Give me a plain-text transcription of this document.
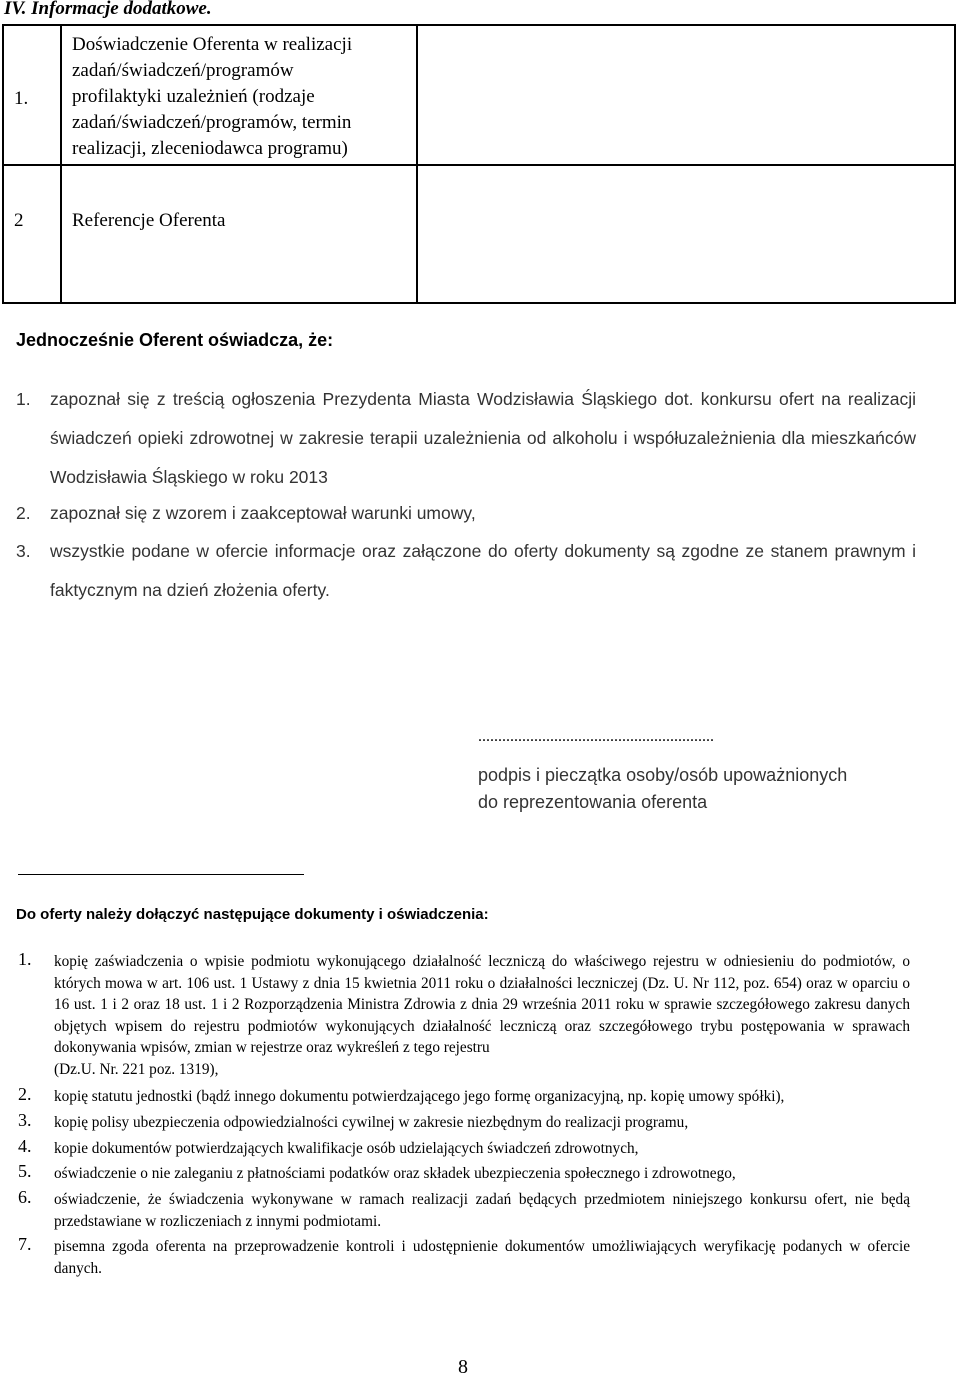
IV. Informacje dodatkowe.
1.	Doświadczenie Oferenta w realizacji
zadań/świadczeń/programów
profilaktyki uzależnień (rodzaje
zadań/świadczeń/programów, termin
realizacji, zleceniodawca programu)	

2	Referencje Oferenta	

Jednocześnie Oferent oświadcza, że:
1. zapoznał się z treścią ogłoszenia Prezydenta Miasta Wodzisławia Śląskiego dot. konkursu ofert na realizacji świadczeń opieki zdrowotnej w zakresie terapii uzależnienia od alkoholu i współuzależnienia dla mieszkańców Wodzisławia Śląskiego w roku 2013
2. zapoznał się z wzorem i zaakceptował warunki umowy,
3. wszystkie podane w ofercie informacje oraz załączone do oferty dokumenty są zgodne ze stanem prawnym i faktycznym na dzień złożenia oferty.
...........................................................
podpis i pieczątka osoby/osób upoważnionych
do reprezentowania oferenta
Do oferty należy dołączyć następujące dokumenty i oświadczenia:
1. kopię zaświadczenia o wpisie podmiotu wykonującego działalność leczniczą do właściwego rejestru w odniesieniu do podmiotów, o których mowa w art. 106 ust. 1 Ustawy z dnia 15 kwietnia 2011 roku o działalności leczniczej (Dz. U. Nr 112, poz. 654) oraz w oparciu o 16 ust. 1 i 2 oraz 18 ust. 1 i 2 Rozporządzenia Ministra Zdrowia z dnia 29 września 2011 roku w sprawie szczegółowego zakresu danych objętych wpisem do rejestru podmiotów wykonujących działalność leczniczą oraz szczegółowego trybu postępowania w sprawach dokonywania wpisów, zmian w rejestrze oraz wykreśleń z tego rejestru
(Dz.U. Nr. 221 poz. 1319),
2. kopię statutu jednostki (bądź innego dokumentu potwierdzającego jego formę organizacyjną, np. kopię umowy spółki),
3. kopię polisy ubezpieczenia odpowiedzialności cywilnej w zakresie niezbędnym do realizacji programu,
4. kopie dokumentów potwierdzających kwalifikacje osób udzielających świadczeń zdrowotnych,
5. oświadczenie o nie zaleganiu z płatnościami podatków oraz składek ubezpieczenia społecznego i zdrowotnego,
6. oświadczenie, że świadczenia wykonywane w ramach realizacji zadań będących przedmiotem niniejszego konkursu ofert, nie będą przedstawiane w rozliczeniach z innymi podmiotami.
7. pisemna zgoda oferenta na przeprowadzenie kontroli i udostępnienie dokumentów umożliwiających weryfikację podanych w ofercie danych.
8
